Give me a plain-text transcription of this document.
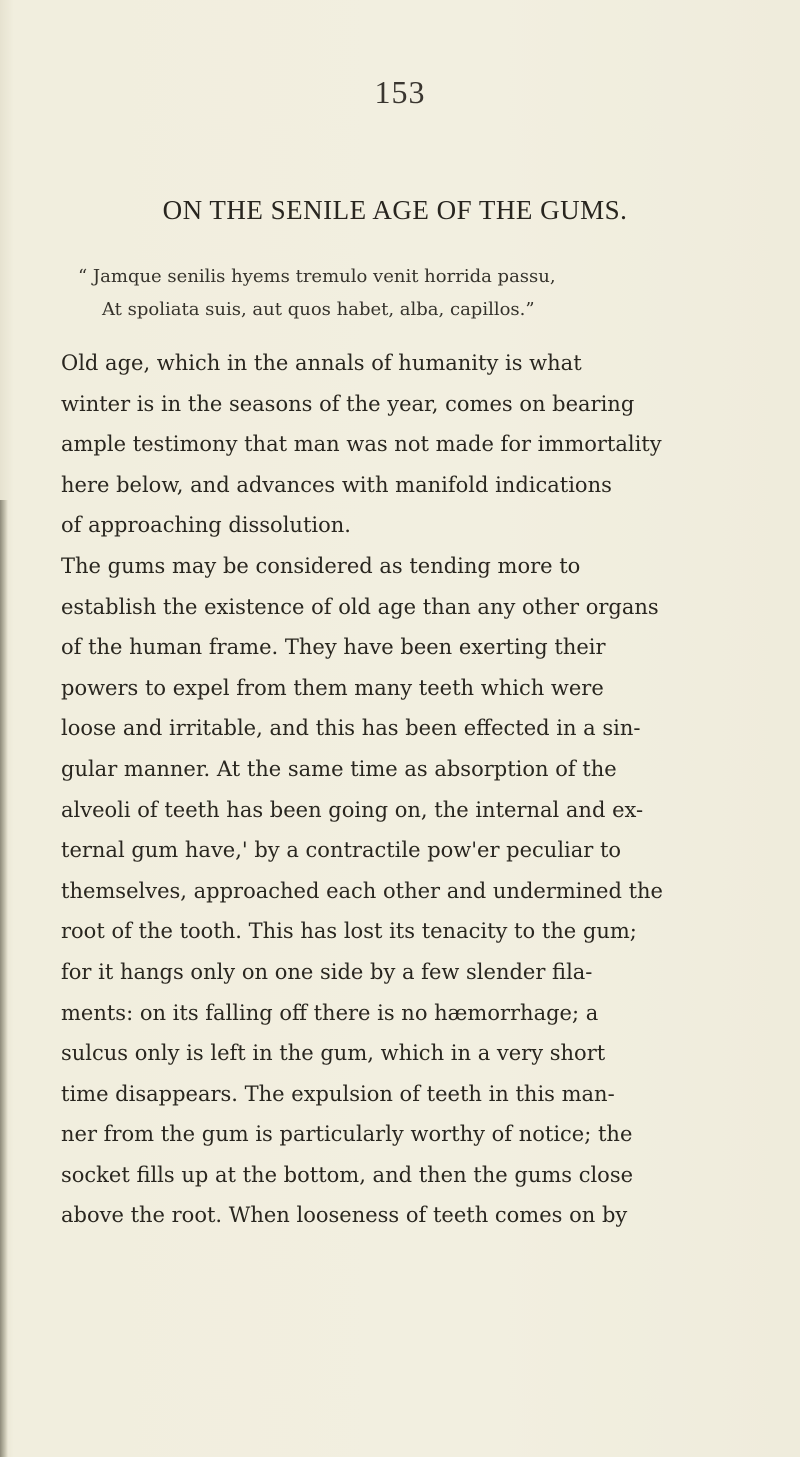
153
ON THE SENILE AGE OF THE GUMS.
“ Jamque senilis hyems tremulo venit horrida passu,
At spoliata suis, aut quos habet, alba, capillos.”
Old age, which in the annals of humanity is what
winter is in the seasons of the year, comes on bearing
ample testimony that man was not made for immortality
here below, and advances with manifold indications
of approaching dissolution.
The gums may be considered as tending more to
establish the existence of old age than any other organs
of the human frame. They have been exerting their
powers to expel from them many teeth which were
loose and irritable, and this has been effected in a sin-
gular manner. At the same time as absorption of the
alveoli of teeth has been going on, the internal and ex-
ternal gum have,' by a contractile pow'er peculiar to
themselves, approached each other and undermined the
root of the tooth. This has lost its tenacity to the gum;
for it hangs only on one side by a few slender fila-
ments: on its falling off there is no hæmorrhage; a
sulcus only is left in the gum, which in a very short
time disappears. The expulsion of teeth in this man-
ner from the gum is particularly worthy of notice; the
socket fills up at the bottom, and then the gums close
above the root. When looseness of teeth comes on by
